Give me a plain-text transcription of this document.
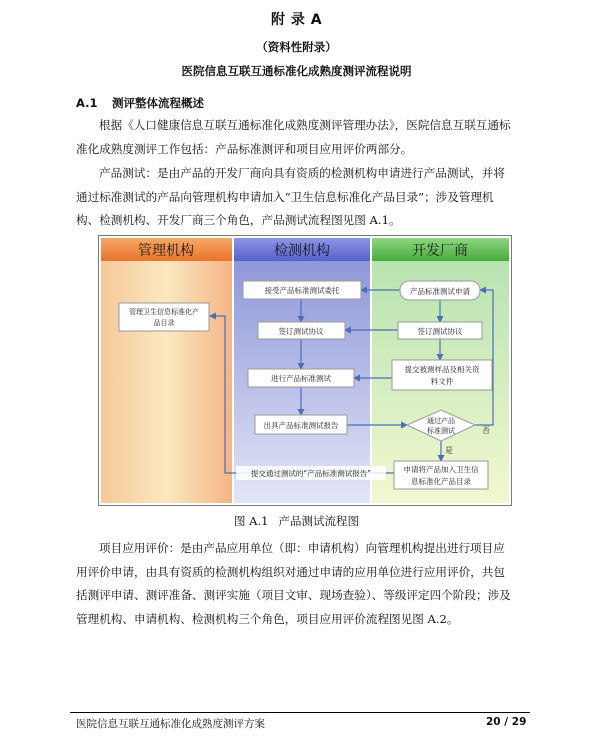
附 录 A
（资料性附录）
医院信息互联互通标准化成熟度测评流程说明
A.1 测评整体流程概述

根据《人口健康信息互联互通标准化成熟度测评管理办法》，医院信息互联互通标准化成熟度测评工作包括：产品标准测评和项目应用评价两部分。

产品测试：是由产品的开发厂商向具有资质的检测机构申请进行产品测试，并将通过标准测试的产品向管理机构申请加入“卫生信息标准化产品目录”；涉及管理机构、检测机构、开发厂商三个角色，产品测试流程图见图 A.1。

管理机构	检测机构	开发厂商
管理卫生信息标准化产
品目录
接受产品标准测试委托
签订测试协议
进行产品标准测试
出具产品标准测试报告
提交通过测试的“产品标准测试报告”
产品标准测试申请
签订测试协议
提交被测样品及相关资
料文件
通过产品
标准测试	否
是
申请将产品加入卫生信
息标准化产品目录
图 A.1 产品测试流程图

项目应用评价：是由产品应用单位（即：申请机构）向管理机构提出进行项目应用评价申请，由具有资质的检测机构组织对通过申请的应用单位进行应用评价，共包括测评申请、测评准备、测评实施（项目文审、现场查验）、等级评定四个阶段；涉及管理机构、申请机构、检测机构三个角色，项目应用评价流程图见图 A.2。

医院信息互联互通标准化成熟度测评方案	20 / 29
